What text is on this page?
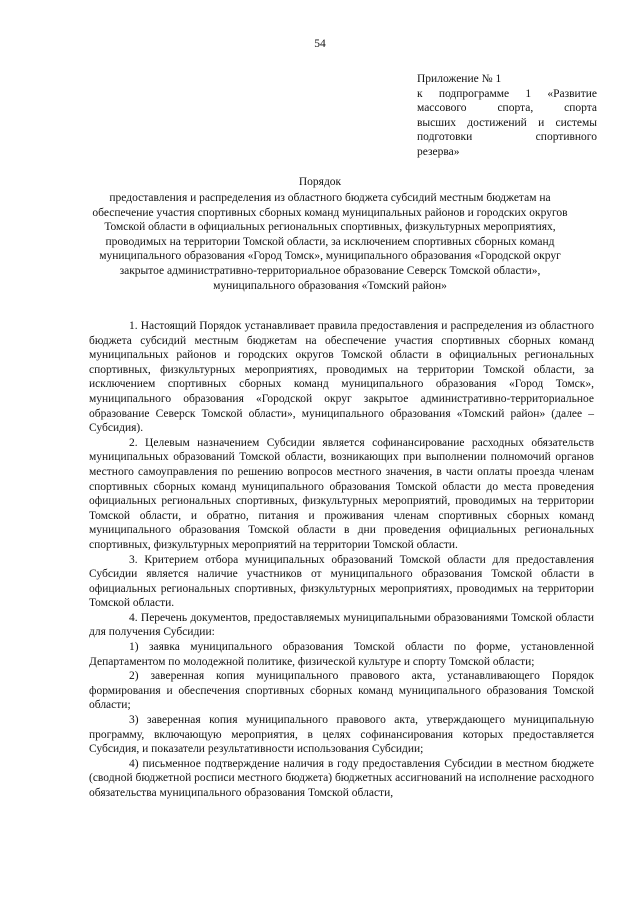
54
Приложение № 1
к подпрограмме 1 «Развитие
массового спорта, спорта
высших достижений и системы
подготовки спортивного
резерва»
Порядок
предоставления и распределения из областного бюджета субсидий местным бюджетам на обеспечение участия спортивных сборных команд муниципальных районов и городских округов Томской области в официальных региональных спортивных, физкультурных мероприятиях, проводимых на территории Томской области, за исключением спортивных сборных команд муниципального образования «Город Томск», муниципального образования «Городской округ закрытое административно-территориальное образование Северск Томской области», муниципального образования «Томский район»

1. Настоящий Порядок устанавливает правила предоставления и распределения из областного бюджета субсидий местным бюджетам на обеспечение участия спортивных сборных команд муниципальных районов и городских округов Томской области в официальных региональных спортивных, физкультурных мероприятиях, проводимых на территории Томской области, за исключением спортивных сборных команд муниципального образования «Город Томск», муниципального образования «Городской округ закрытое административно-территориальное образование Северск Томской области», муниципального образования «Томский район» (далее – Субсидия).

2. Целевым назначением Субсидии является софинансирование расходных обязательств муниципальных образований Томской области, возникающих при выполнении полномочий органов местного самоуправления по решению вопросов местного значения, в части оплаты проезда членам спортивных сборных команд муниципального образования Томской области до места проведения официальных региональных спортивных, физкультурных мероприятий, проводимых на территории Томской области, и обратно, питания и проживания членам спортивных сборных команд муниципального образования Томской области в дни проведения официальных региональных спортивных, физкультурных мероприятий на территории Томской области.

3. Критерием отбора муниципальных образований Томской области для предоставления Субсидии является наличие участников от муниципального образования Томской области в официальных региональных спортивных, физкультурных мероприятиях, проводимых на территории Томской области.

4. Перечень документов, предоставляемых муниципальными образованиями Томской области для получения Субсидии:

1) заявка муниципального образования Томской области по форме, установленной Департаментом по молодежной политике, физической культуре и спорту Томской области;

2) заверенная копия муниципального правового акта, устанавливающего Порядок формирования и обеспечения спортивных сборных команд муниципального образования Томской области;

3) заверенная копия муниципального правового акта, утверждающего муниципальную программу, включающую мероприятия, в целях софинансирования которых предоставляется Субсидия, и показатели результативности использования Субсидии;

4) письменное подтверждение наличия в году предоставления Субсидии в местном бюджете (сводной бюджетной росписи местного бюджета) бюджетных ассигнований на исполнение расходного обязательства муниципального образования Томской области,
